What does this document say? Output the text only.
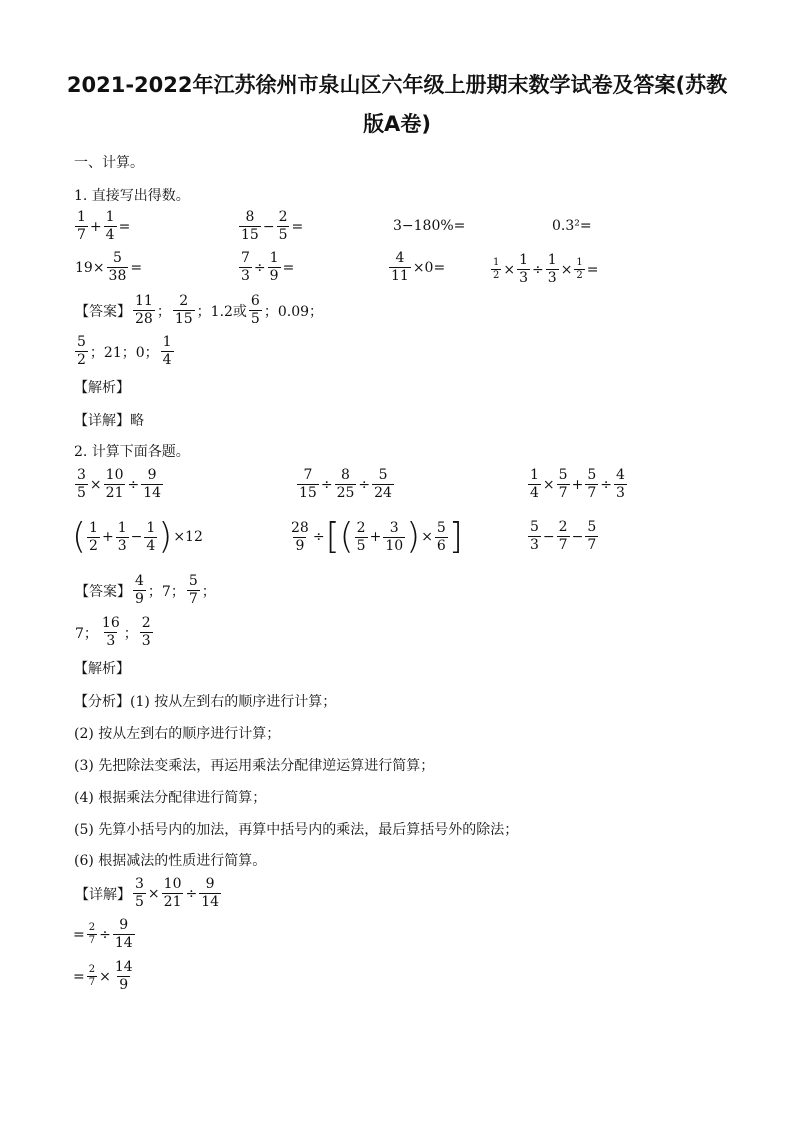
2021-2022年江苏徐州市泉山区六年级上册期末数学试卷及答案(苏教
版A卷)
一、计算。
1. 直接写出得数。
$\frac{1}{7} + \frac{1}{4}$ =	$\frac{8}{15} - \frac{2}{5}$ =	3−180%=	0.3²=
$19\times \frac{5}{38}$ =	$\frac{7}{3} \div \frac{1}{9}$ =	$\frac{4}{11} \times 0=$	$\frac{1}{2} \times \frac{1}{3} \div \frac{1}{3} \times \frac{1}{2}$ =
【答案】 $\frac{11}{28}$ ； $\frac{2}{15}$ ；1.2或 $\frac{6}{5}$ ；0.09；
$\frac{5}{2}$ ；21；0； $\frac{1}{4}$
【解析】
【详解】略
2. 计算下面各题。
$\frac{3}{5} \times \frac{10}{21} \div \frac{9}{14}$	$\frac{7}{15} \div \frac{8}{25} \div \frac{5}{24}$	$\frac{1}{4} \times \frac{5}{7} + \frac{5}{7} \div \frac{4}{3}$
( $\frac{1}{2} + \frac{1}{3} - \frac{1}{4} )\times 12$	$\frac{28}{9}$ ÷[( $\frac{2}{5} + \frac{3}{10}$ )× $\frac{5}{6}$ ]	$\frac{5}{3} - \frac{2}{7} - \frac{5}{7}$
【答案】 $\frac{4}{9}$ ；7； $\frac{5}{7}$ ；
7； $\frac{16}{3}$ ； $\frac{2}{3}$
【解析】
【分析】(1) 按从左到右的顺序进行计算；
(2) 按从左到右的顺序进行计算；
(3) 先把除法变乘法，再运用乘法分配律逆运算进行简算；
(4) 根据乘法分配律进行简算；
(5) 先算小括号内的加法，再算中括号内的乘法，最后算括号外的除法；
(6) 根据减法的性质进行简算。
【详解】 $\frac{3}{5} \times \frac{10}{21} \div \frac{9}{14}$
= $\frac{2}{7} \div \frac{9}{14}$
= $\frac{2}{7} \times \frac{14}{9}$
